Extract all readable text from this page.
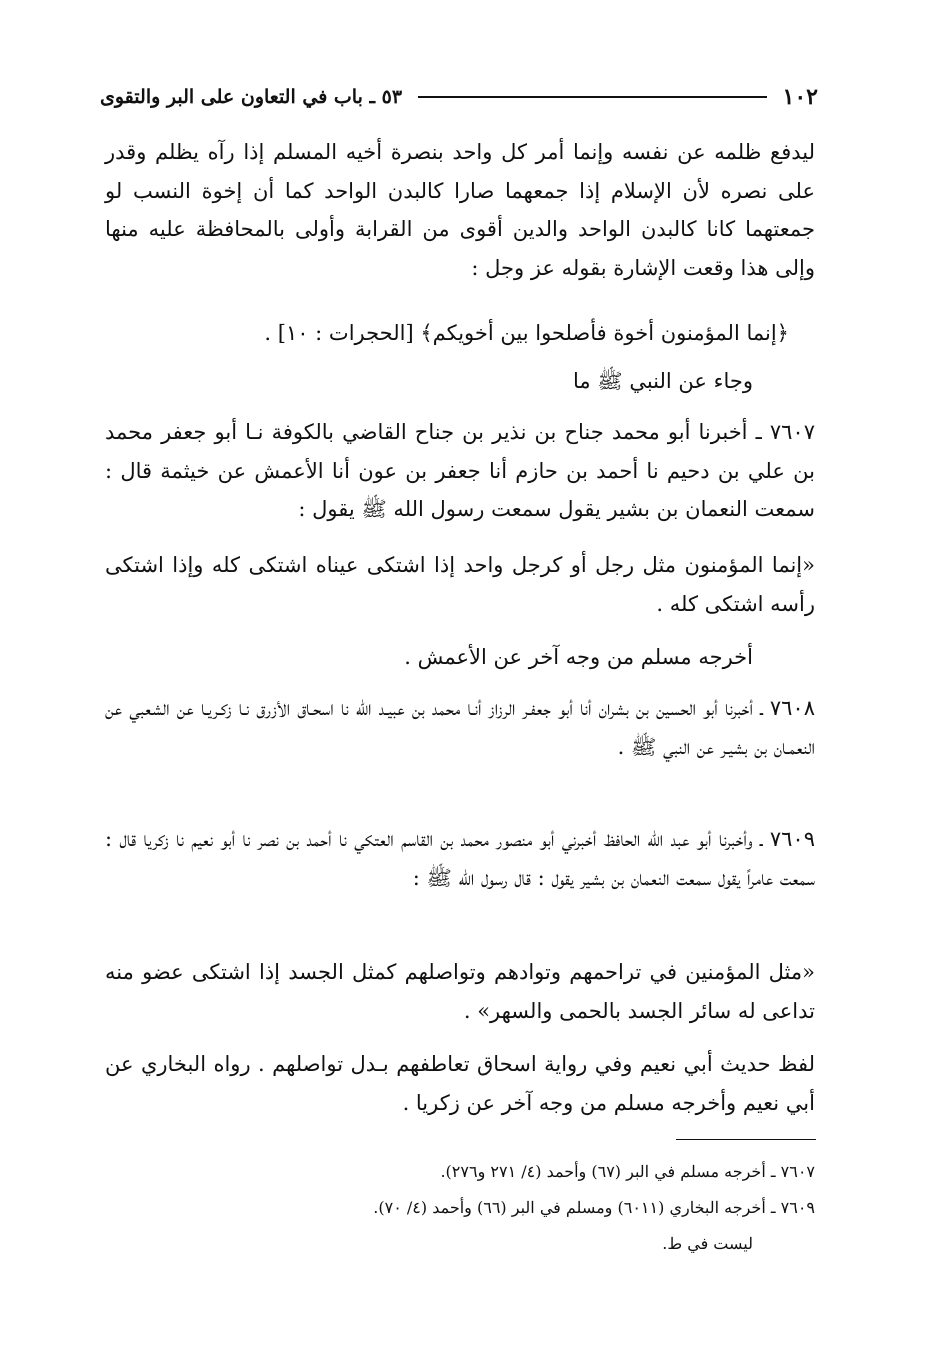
١٠٢
٥٣ ـ باب في التعاون على البر والتقوى
ليدفع ظلمه عن نفسه وإنما أمر كل واحد بنصرة أخيه المسلم إذا رآه يظلم وقدر على نصره لأن الإسلام إذا جمعهما صارا كالبدن الواحد كما أن إخوة النسب لو جمعتهما كانا كالبدن الواحد والدين أقوى من القرابة وأولى بالمحافظة عليه منها وإلى هذا وقعت الإشارة بقوله عز وجل :
﴿إنما المؤمنون أخوة فأصلحوا بين أخويكم﴾ [الحجرات : ١٠] .
وجاء عن النبي ﷺ ما
٧٦٠٧ ـ أخبرنا أبو محمد جناح بن نذير بن جناح القاضي بالكوفة نـا أبو جعفر محمد بن علي بن دحيم نا أحمد بن حازم أنا جعفر بن عون أنا الأعمش عن خيثمة قال : سمعت النعمان بن بشير يقول سمعت رسول الله ﷺ يقول :
«إنما المؤمنون مثل رجل أو كرجل واحد إذا اشتكى عيناه اشتكى كله وإذا اشتكى رأسه اشتكى كله .
أخرجه مسلم من وجه آخر عن الأعمش .
٧٦٠٨ ـ أخبرنا أبو الحسين بن بشران أنا أبو جعفـر الرزاز أنـا محمد بن عبيـد الله نا اسحـاق الأزرق نـا زكـريـا عن الشعبي عن النعمـان بن بشيـر عن النبي ﷺ .
٧٦٠٩ ـ وأخبرنا أبو عبد الله الحافظ أخبرني أبو منصور محمد بن القاسم العتكي نا أحمد بن نصر نا أبو نعيم نا زكريا قال : سمعت عامراً يقول سمعت النعمان بن بشير يقول : قال رسول الله ﷺ :
«مثل المؤمنين في تراحمهم وتوادهم وتواصلهم كمثل الجسد إذا اشتكى عضو منه تداعى له سائر الجسد بالحمى والسهر» .
لفظ حديث أبي نعيم وفي رواية اسحاق تعاطفهم بـدل تواصلهم . رواه البخاري عن أبي نعيم وأخرجه مسلم من وجه آخر عن زكريا .
٧٦٠٧ ـ أخرجه مسلم في البر (٦٧) وأحمد (٤/ ٢٧١ و٢٧٦).
٧٦٠٩ ـ أخرجه البخاري (٦٠١١) ومسلم في البر (٦٦) وأحمد (٤/ ٧٠).
ليست في ط.
